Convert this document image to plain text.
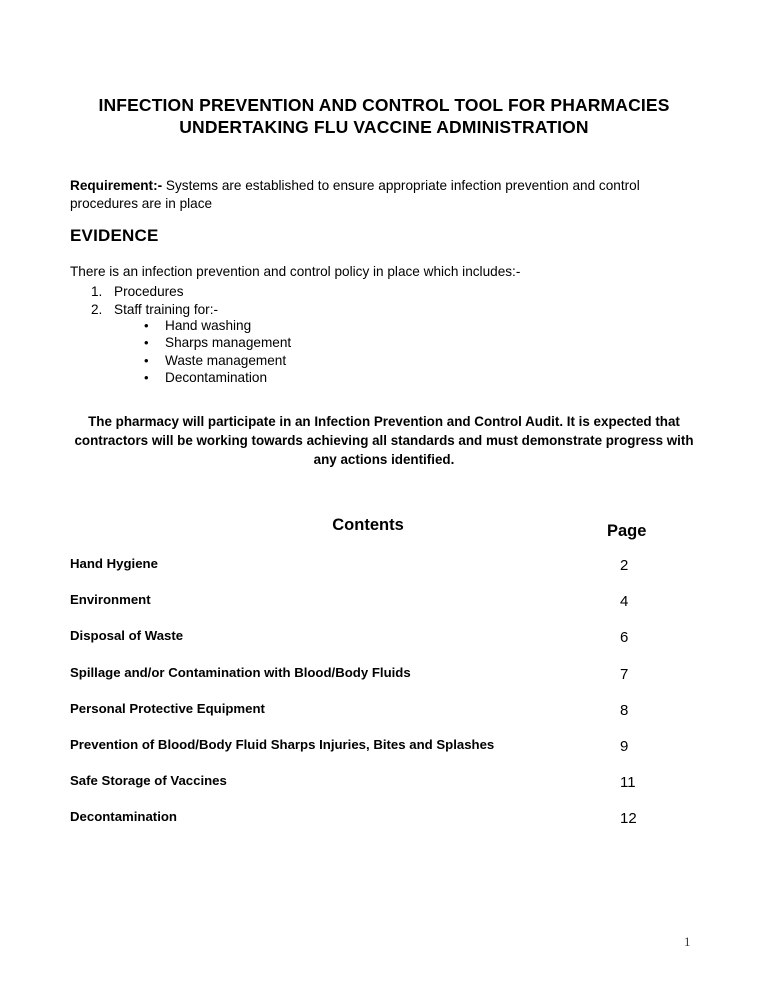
INFECTION PREVENTION AND CONTROL TOOL FOR PHARMACIES UNDERTAKING FLU VACCINE ADMINISTRATION

Requirement:- Systems are established to ensure appropriate infection prevention and control procedures are in place

EVIDENCE

There is an infection prevention and control policy in place which includes:-

1. Procedures
2. Staff training for:-
• Hand washing
• Sharps management
• Waste management
• Decontamination

The pharmacy will participate in an Infection Prevention and Control Audit. It is expected that contractors will be working towards achieving all standards and must demonstrate progress with any actions identified.

Contents	Page
Hand Hygiene	2
Environment	4
Disposal of Waste	6
Spillage and/or Contamination with Blood/Body Fluids	7
Personal Protective Equipment	8
Prevention of Blood/Body Fluid Sharps Injuries, Bites and Splashes	9
Safe Storage of Vaccines	11
Decontamination	12
1
